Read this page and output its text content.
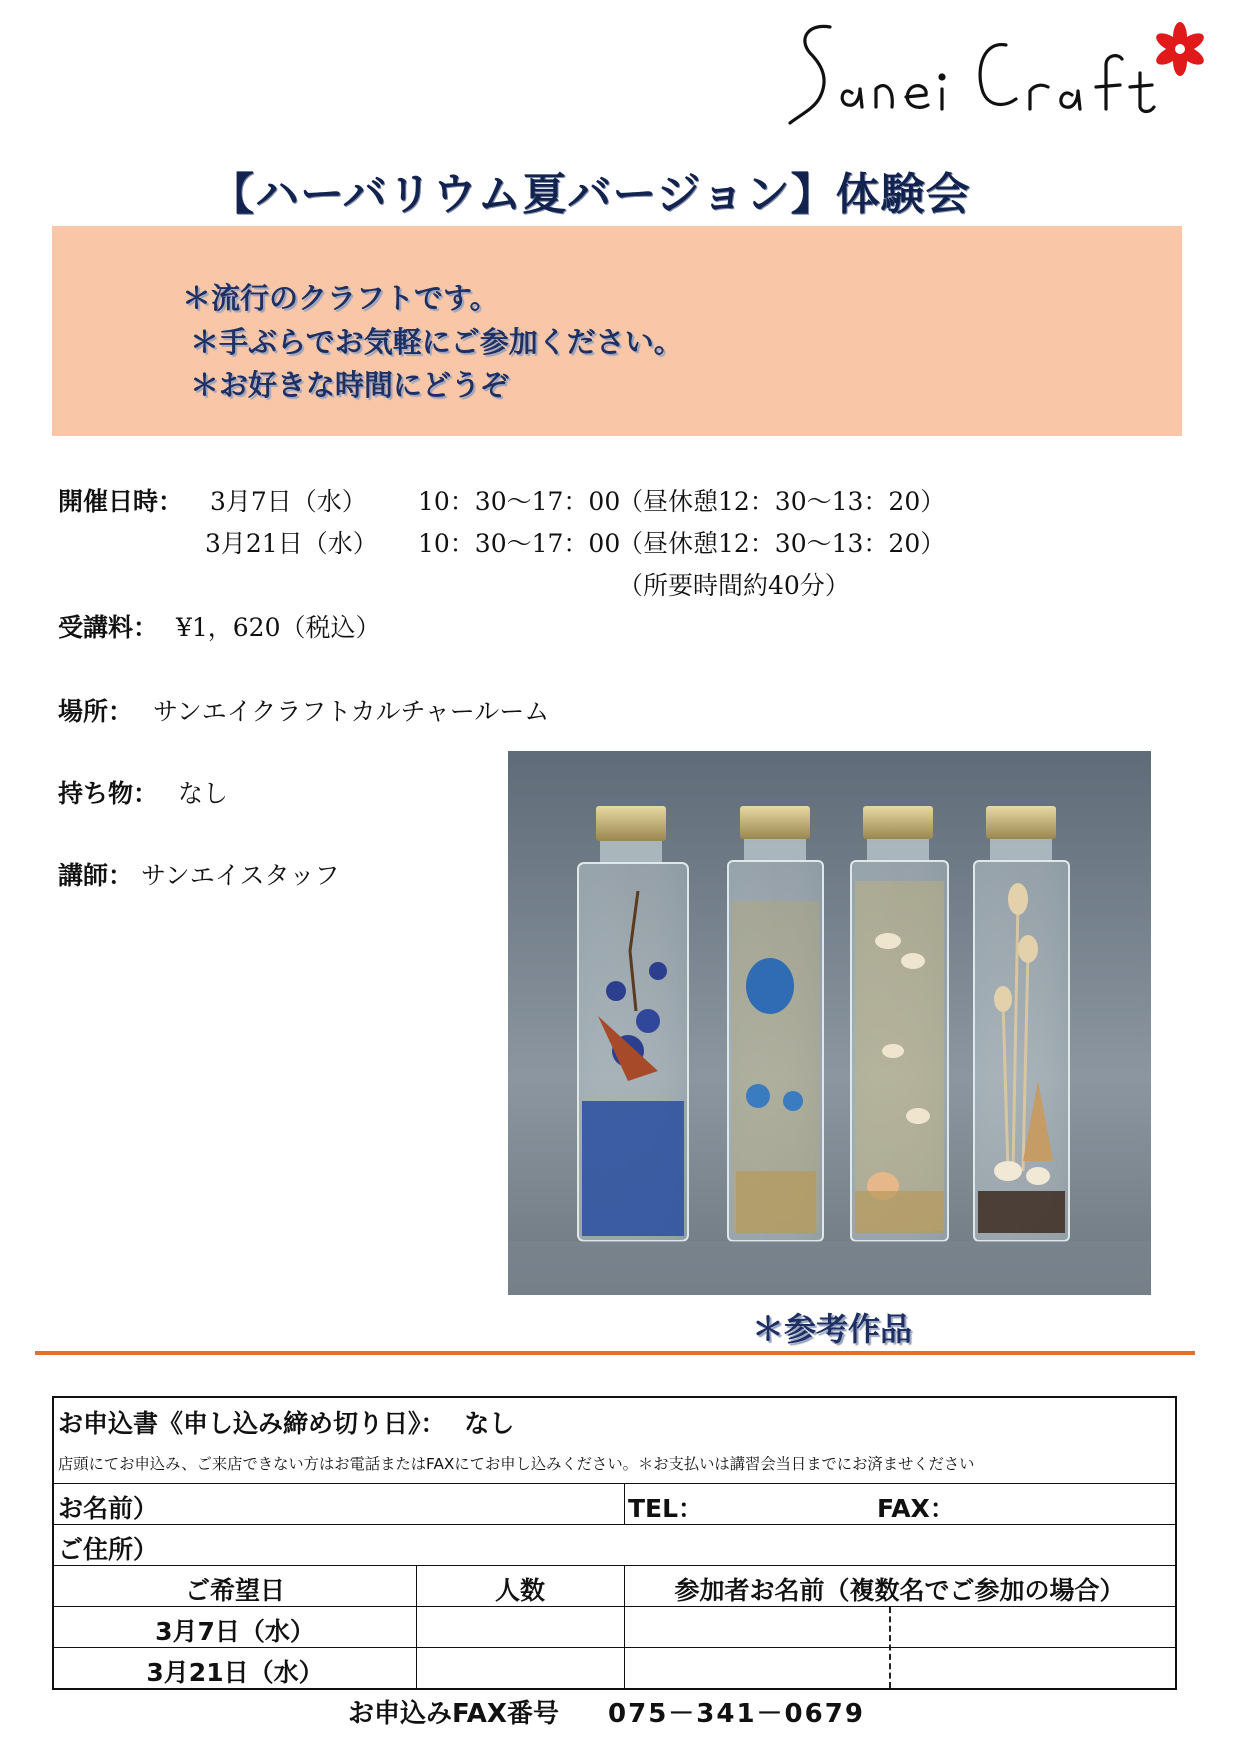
【ハーバリウム夏バージョン】体験会
＊流行のクラフトです。
＊手ぶらでお気軽にご参加ください。
＊お好きな時間にどうぞ
開催日時： 3月7日（水） 10：30～17：00
（昼休憩12：30～13：20）
3月21日（水） 10：30～17：00
（昼休憩12：30～13：20）
（所要時間約40分）
受講料： ¥1，620（税込）
場所： サンエイクラフトカルチャールーム
持ち物： なし
講師： サンエイスタッフ
＊参考作品
お申込書《申し込み締め切り日》： なし
店頭にてお申込み、ご来店できない方はお電話またはFAXにてお申し込みください。＊お支払いは講習会当日までにお済ませください
お名前）	TEL：	FAX：
ご住所）
ご希望日	人数	参加者お名前（複数名でご参加の場合）
3月7日（水）
3月21日（水）
お申込みFAX番号 075－341－0679
